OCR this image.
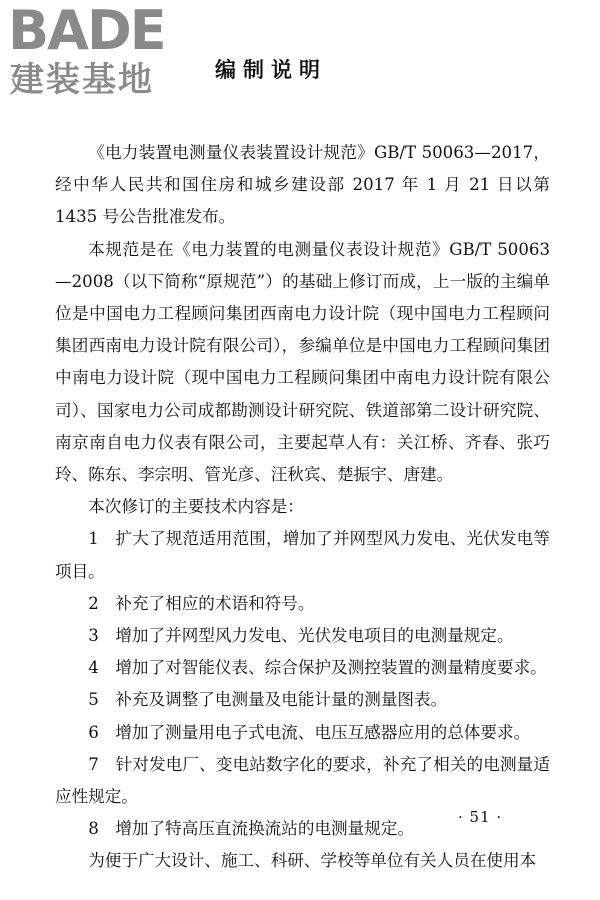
BADE
建装基地	编制说明

《电力装置电测量仪表装置设计规范》GB/T 50063—2017，经中华人民共和国住房和城乡建设部 2017 年 1 月 21 日以第 1435 号公告批准发布。

本规范是在《电力装置的电测量仪表设计规范》GB/T 50063—2008（以下简称“原规范”）的基础上修订而成，上一版的主编单位是中国电力工程顾问集团西南电力设计院（现中国电力工程顾问集团西南电力设计院有限公司），参编单位是中国电力工程顾问集团中南电力设计院（现中国电力工程顾问集团中南电力设计院有限公司）、国家电力公司成都勘测设计研究院、铁道部第二设计研究院、南京南自电力仪表有限公司，主要起草人有：关江桥、齐春、张巧玲、陈东、李宗明、管光彦、汪秋宾、楚振宇、唐建。

本次修订的主要技术内容是：

1　扩大了规范适用范围，增加了并网型风力发电、光伏发电等项目。

2　补充了相应的术语和符号。

3　增加了并网型风力发电、光伏发电项目的电测量规定。

4　增加了对智能仪表、综合保护及测控装置的测量精度要求。

5　补充及调整了电测量及电能计量的测量图表。

6　增加了测量用电子式电流、电压互感器应用的总体要求。

7　针对发电厂、变电站数字化的要求，补充了相关的电测量适应性规定。

8　增加了特高压直流换流站的电测量规定。

为便于广大设计、施工、科研、学校等单位有关人员在使用本

· 51 ·
